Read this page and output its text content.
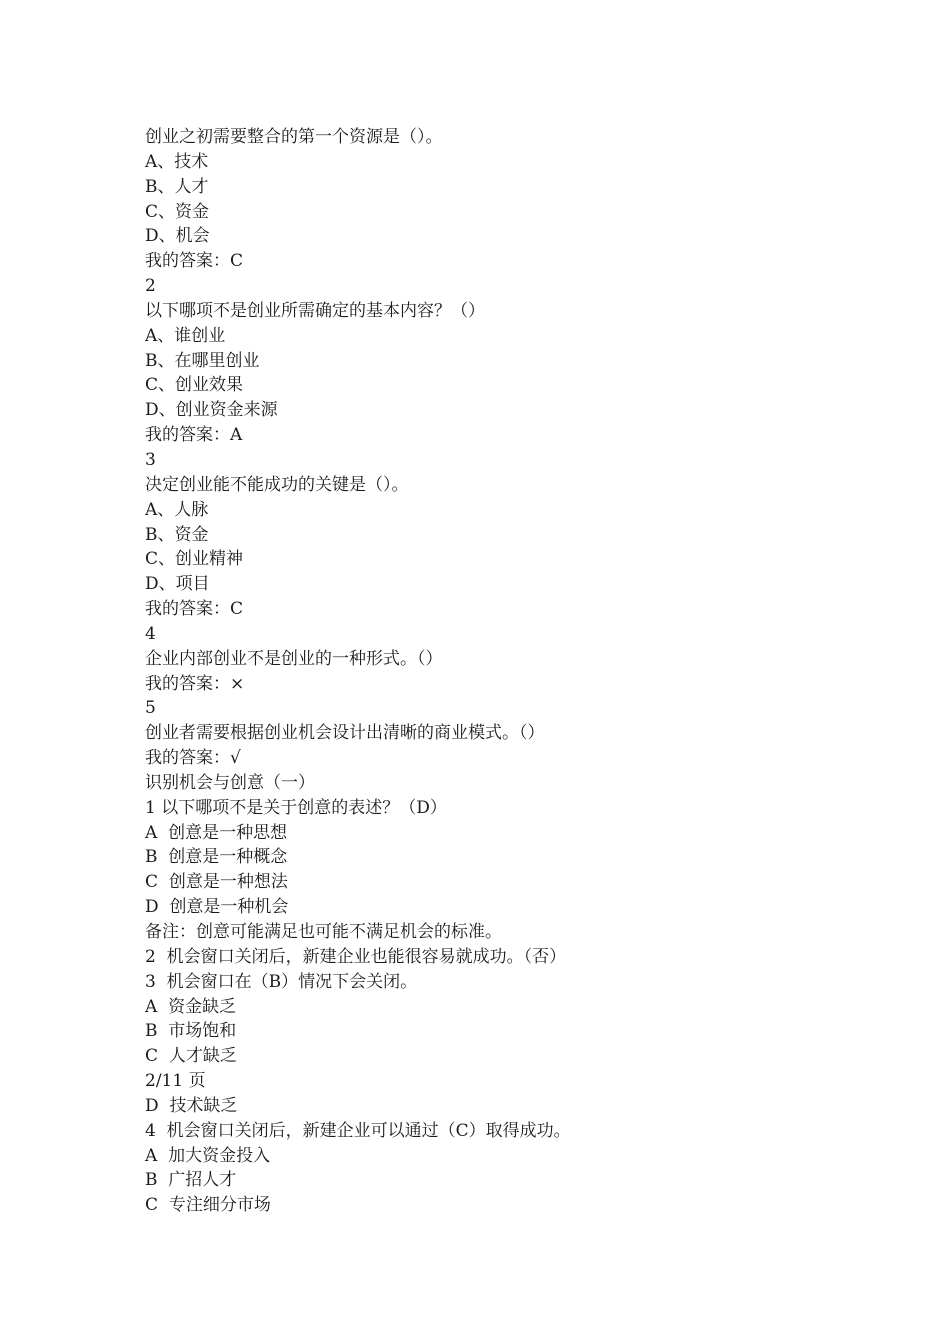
创业之初需要整合的第一个资源是（）。

A、技术

B、人才

C、资金

D、机会

我的答案：C

2

以下哪项不是创业所需确定的基本内容？（）

A、谁创业

B、在哪里创业

C、创业效果

D、创业资金来源

我的答案：A

3

决定创业能不能成功的关键是（）。

A、人脉

B、资金

C、创业精神

D、项目

我的答案：C

4

企业内部创业不是创业的一种形式。（）

我的答案：×

5

创业者需要根据创业机会设计出清晰的商业模式。（）

我的答案：√

识别机会与创意（一）

1 以下哪项不是关于创意的表述？（D）

A  创意是一种思想

B  创意是一种概念

C  创意是一种想法

D  创意是一种机会

备注：创意可能满足也可能不满足机会的标准。

2  机会窗口关闭后，新建企业也能很容易就成功。（否）

3  机会窗口在（B）情况下会关闭。

A  资金缺乏

B  市场饱和

C  人才缺乏

2/11 页

D  技术缺乏

4  机会窗口关闭后，新建企业可以通过（C）取得成功。

A  加大资金投入

B  广招人才

C  专注细分市场
